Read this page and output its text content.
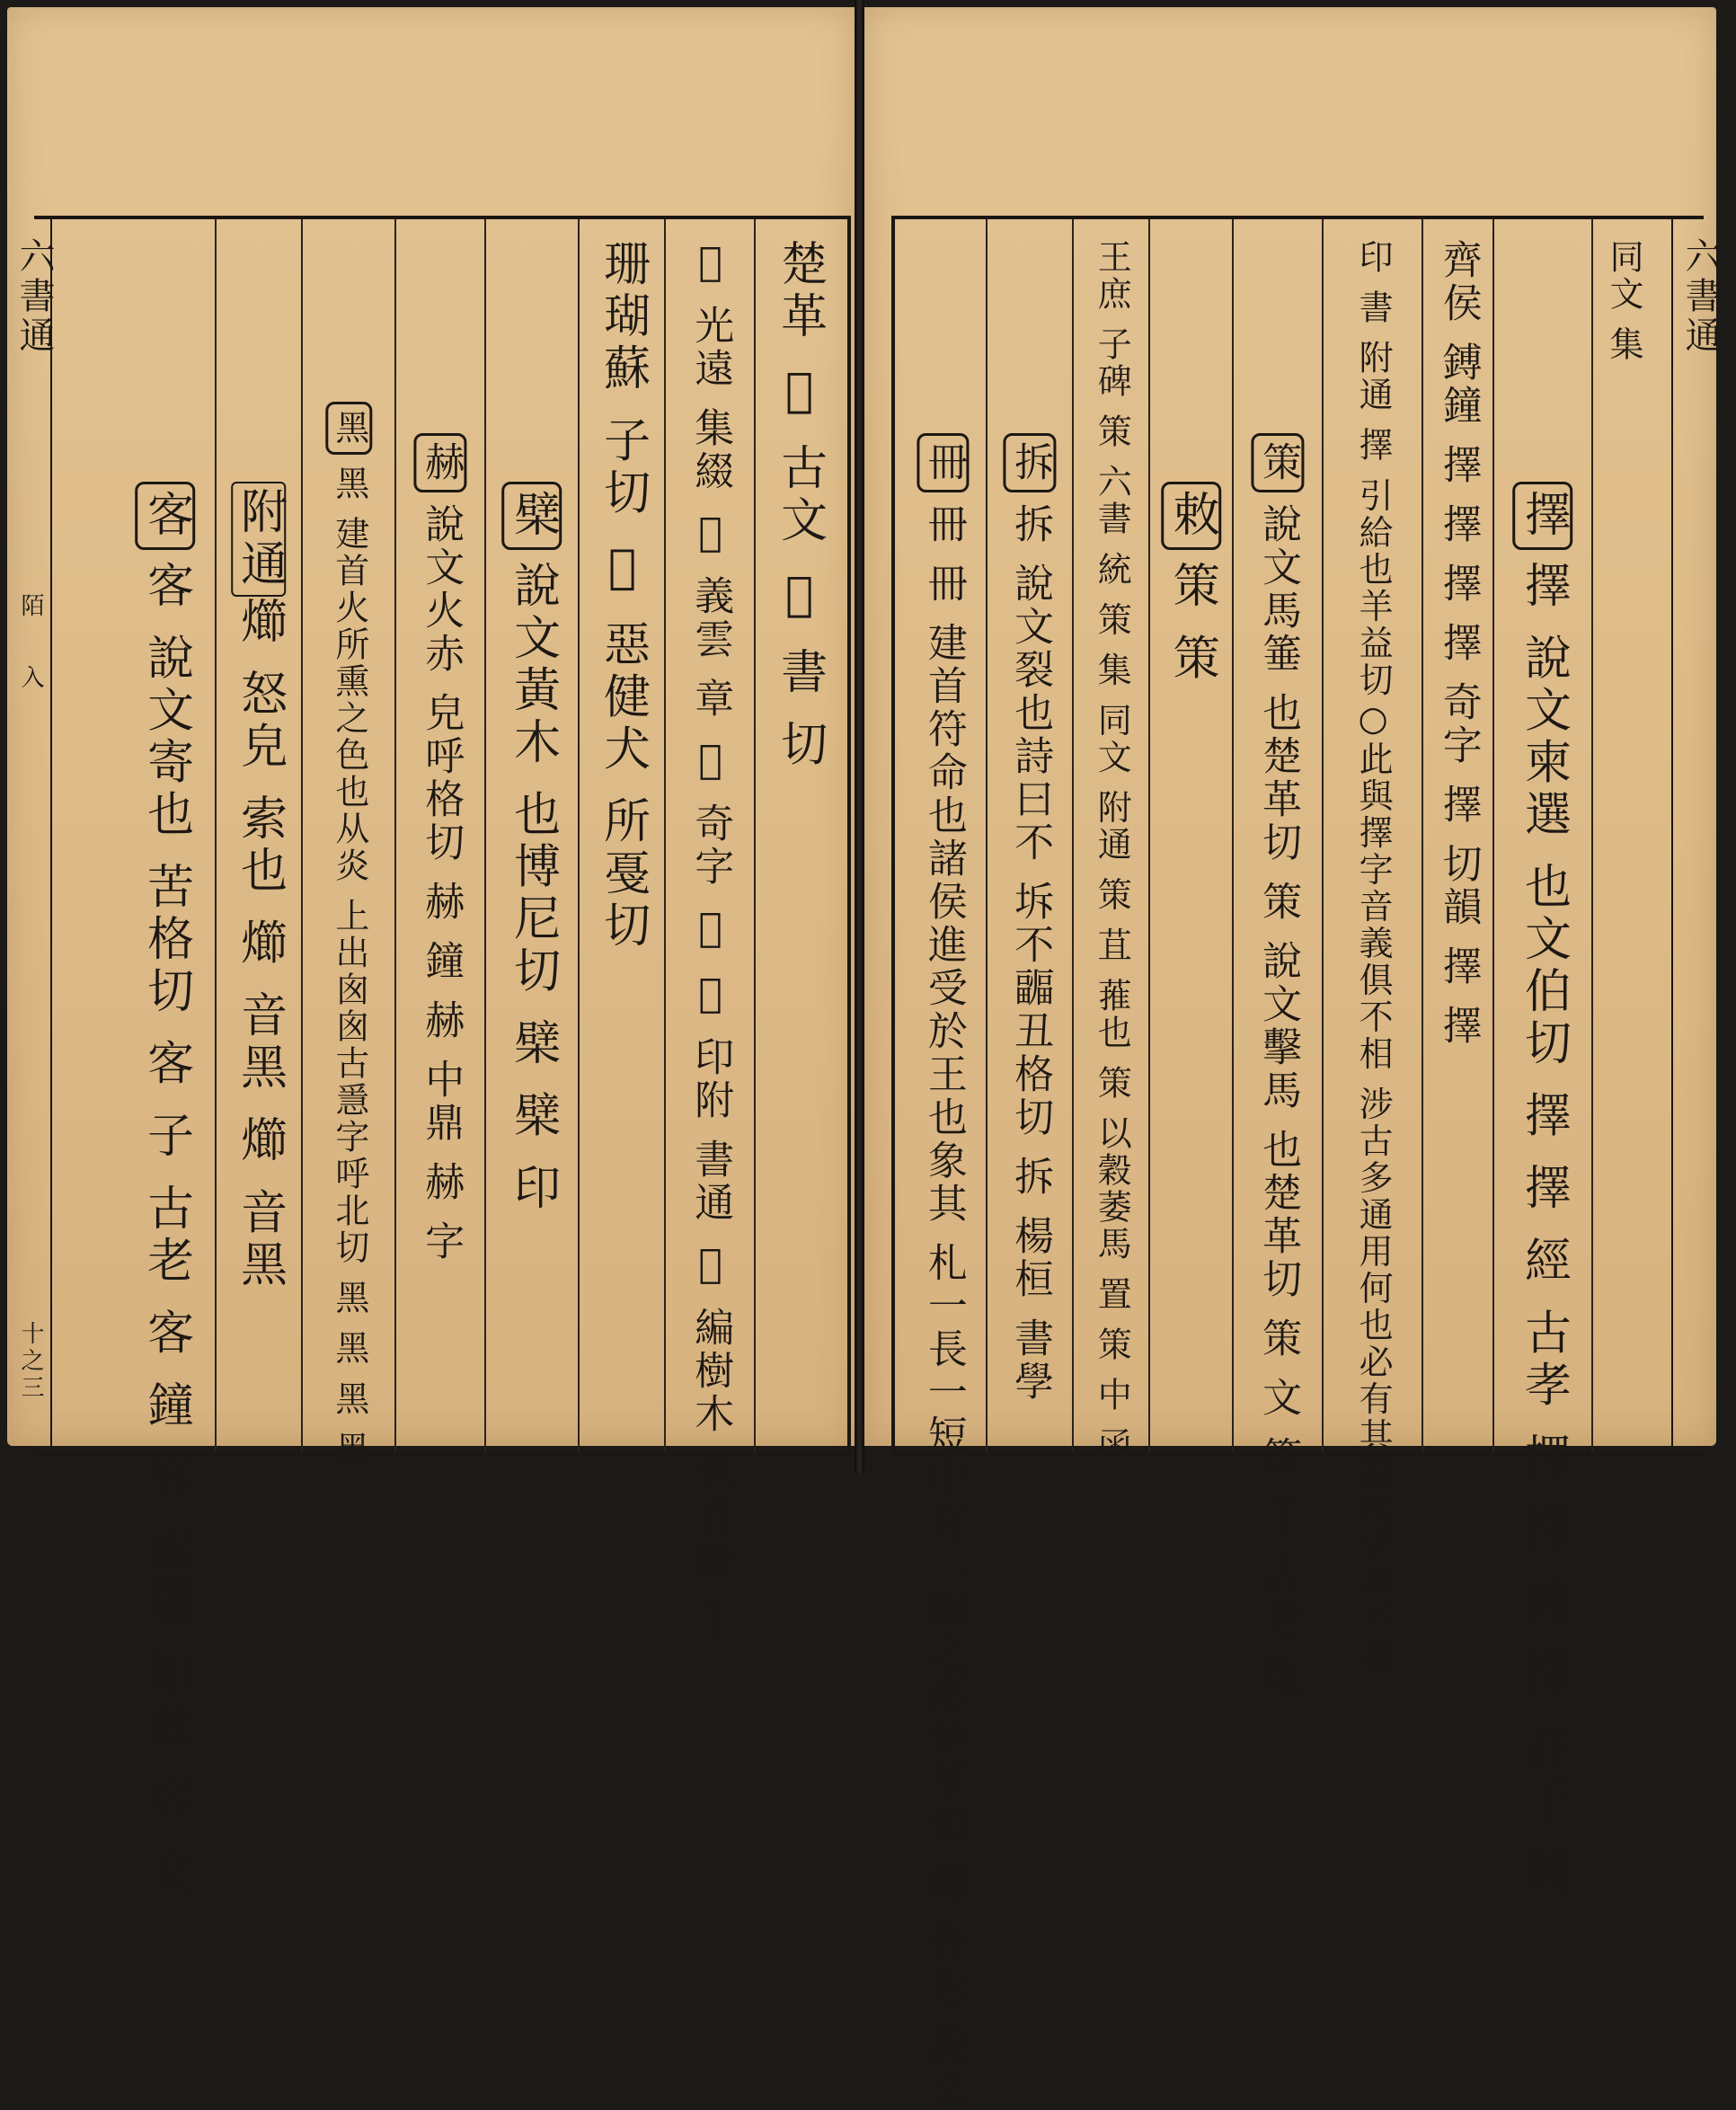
楚革 𣑈 古文 𣑈 書 切
𠶍 光遠 集綴 𠶍 義雲 章 𠶍 奇字 𠶍 𠶍 印附 書通 𠶍 編樹木 也音冊 𠶍
珊瑚蘇 子切 𣡄 惡健犬 所戞切

檗說文黃木 也博尼切 檗 檗 印

赫說文火赤 皃呼格切 赫 鐘 赫 中鼎 赫 字

黑黑 建首火所熏之色也从炎 上出囪囪古㥯字呼北切 黑 黑 黑 黑

附通㸅 怒皃 索也 㸅 音黑 㸅 音黑

客客 說文寄也 苦格切 客 子 古老 客 鐘 客 索隱 如此 客 文

六書通
陌
入
十之三
同文 集

擇擇 說文柬選 也文伯切 擇 擇 經 古孝 擇 擇 鐘 擇 許子 鐘

齊侯 鎛鐘 擇 擇 擇 擇 奇字 擇 切韻 擇 擇
印 書 附通 擇 引給也羊益切○此與擇字音義俱不相 涉古多通用何也必有其說俟字書不載

策說文馬箠 也楚革切 策 說文擊馬 也楚革切 策 文 策 子 古老 策

敕策 策

王庶 子碑 策 六書 統 策 集 同文 附通 策 苴 蓷也 策 以穀萎馬 置 策 中 函

拆拆 說文裂也詩曰不 坼不疈丑格切 拆 楊桓 書學

冊冊 冊 建首符命也諸侯進受於王也象其 札一長一短中有二編之形楚革切 冊 告也 說文

六書通
